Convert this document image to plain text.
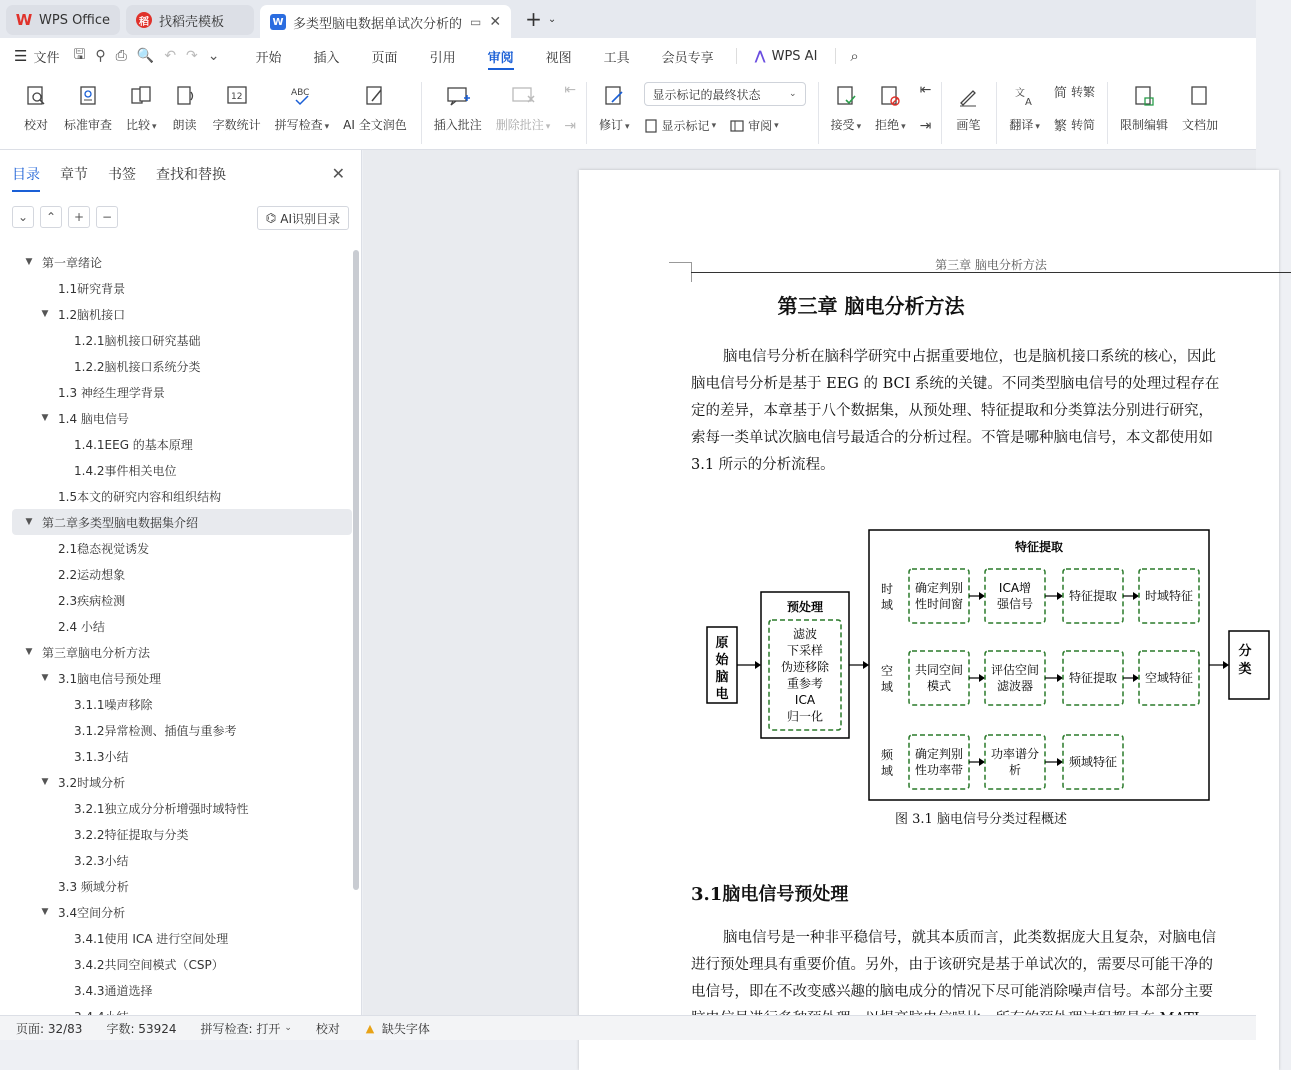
W WPS Office	稻 找稻壳模板	W 多类型脑电数据单试次分析的 ▭ ✕ + ⌄
☰ 文件 🖫 ⚲ ⎙ 🔍 ↶ ↷ ⌄	开始	插入	页面	引用	审阅	视图	工具	会员专享	⋀ WPS AI ⌕
校对 标准审查 比较 ▾ 朗读
12
字数统计
ABC
拼写检查 ▾ AI 全文润色 插入批注 删除批注 ▾
⇤
⇥ 修订 ▾
显示标记的最终状态	⌄
显示标记 ▾	审阅 ▾	接受 ▾ 拒绝 ▾
⇤
⇥ 画笔
文
A
翻译 ▾
简 转繁
繁 转简 限制编辑 文档加
目录 章节 书签 查找和替换	✕
⌄	⌃	+	−	⌬ AI识别目录
▼ 第一章绪论
1.1研究背景
▼ 1.2脑机接口
1.2.1脑机接口研究基础
1.2.2脑机接口系统分类
1.3 神经生理学背景
▼ 1.4 脑电信号
1.4.1EEG 的基本原理
1.4.2事件相关电位
1.5本文的研究内容和组织结构
▼ 第二章多类型脑电数据集介绍
2.1稳态视觉诱发
2.2运动想象
2.3疾病检测
2.4 小结
▼ 第三章脑电分析方法
▼ 3.1脑电信号预处理
3.1.1噪声移除
3.1.2异常检测、插值与重参考
3.1.3小结
▼ 3.2时域分析
3.2.1独立成分分析增强时域特性
3.2.2特征提取与分类
3.2.3小结
3.3 频域分析
▼ 3.4空间分析
3.4.1使用 ICA 进行空间处理
3.4.2共同空间模式（CSP）
3.4.3通道选择
第三章 脑电分析方法
第三章 脑电分析方法

脑电信号分析在脑科学研究中占据重要地位，也是脑机接口系统的核心，因此

脑电信号分析是基于 EEG 的 BCI 系统的关键。不同类型脑电信号的处理过程存在

定的差异，本章基于八个数据集，从预处理、特征提取和分类算法分别进行研究，

索每一类单试次脑电信号最适合的分析过程。不管是哪种脑电信号，本文都使用如

3.1 所示的分析流程。

原始脑电
预处理
滤波
下采样
伪迹移除
重参考
ICA
归一化
特征提取
时域
确定判别性时间窗
ICA增强信号
特征提取 时域特征
空域
共同空间模式
评估空间滤波器
特征提取 空域特征
频域
确定判别性功率带
功率谱分析
频域特征
分类
图 3.1 脑电信号分类过程概述
3.1脑电信号预处理

脑电信号是一种非平稳信号，就其本质而言，此类数据庞大且复杂，对脑电信

进行预处理具有重要价值。另外，由于该研究是基于单试次的，需要尽可能干净的

电信号，即在不改变感兴趣的脑电成分的情况下尽可能消除噪声信号。本部分主要

页面: 32/83 字数: 53924 拼写检查: 打开 ⌄ 校对 ▲ 缺失字体
